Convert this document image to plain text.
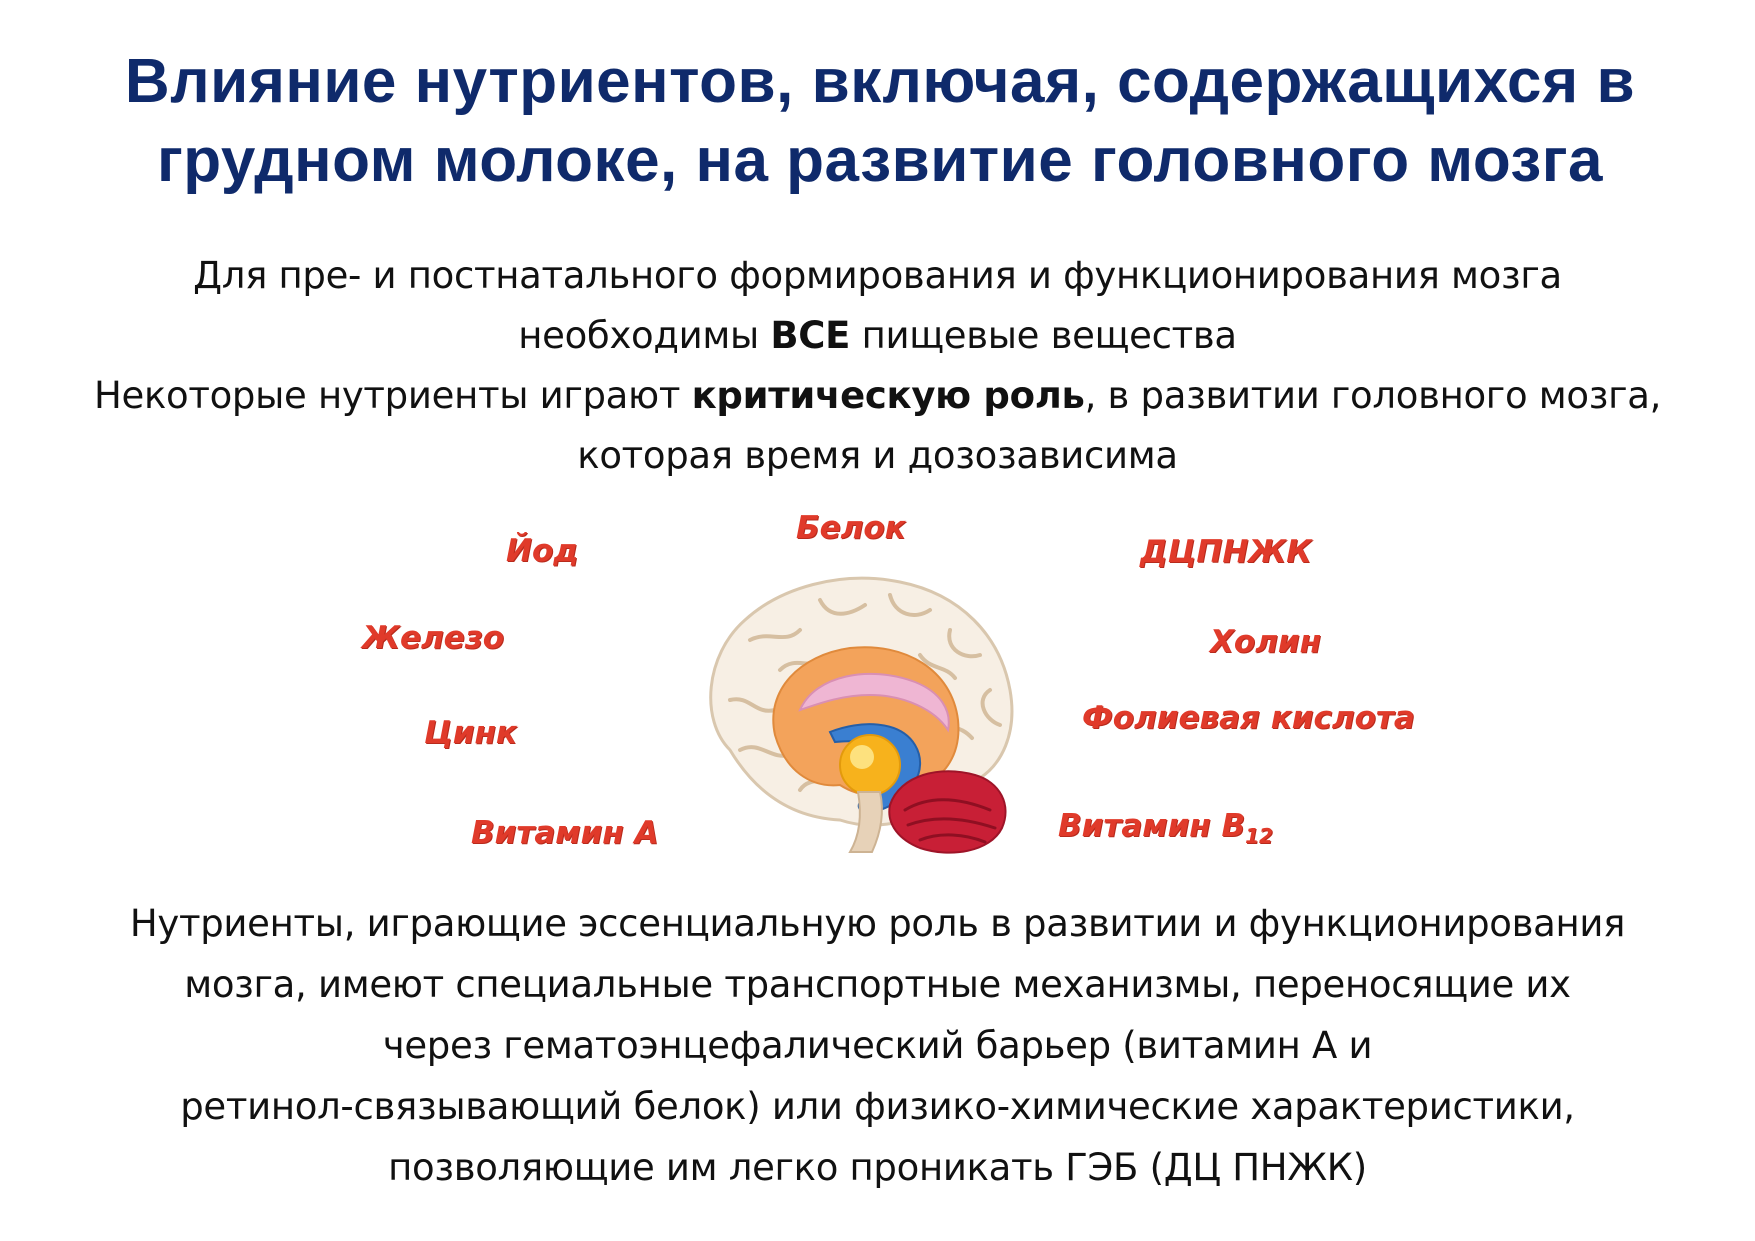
Влияние нутриентов, включая, содержащихся в
грудном молоке, на развитие головного мозга
Для пре- и постнатального формирования и функционирования мозга
необходимы ВСЕ пищевые вещества
Некоторые нутриенты играют критическую роль, в развитии головного мозга,
которая время и дозозависима
Йод
Железо
Цинк
Витамин А
Белок
ДЦПНЖК
Холин
Фолиевая кислота
Витамин $В_{12}$
Нутриенты, играющие эссенциальную роль в развитии и функционирования
мозга, имеют специальные транспортные механизмы, переносящие их
через гематоэнцефалический барьер (витамин А и
ретинол-связывающий белок) или физико-химические характеристики,
позволяющие им легко проникать ГЭБ (ДЦ ПНЖК)
